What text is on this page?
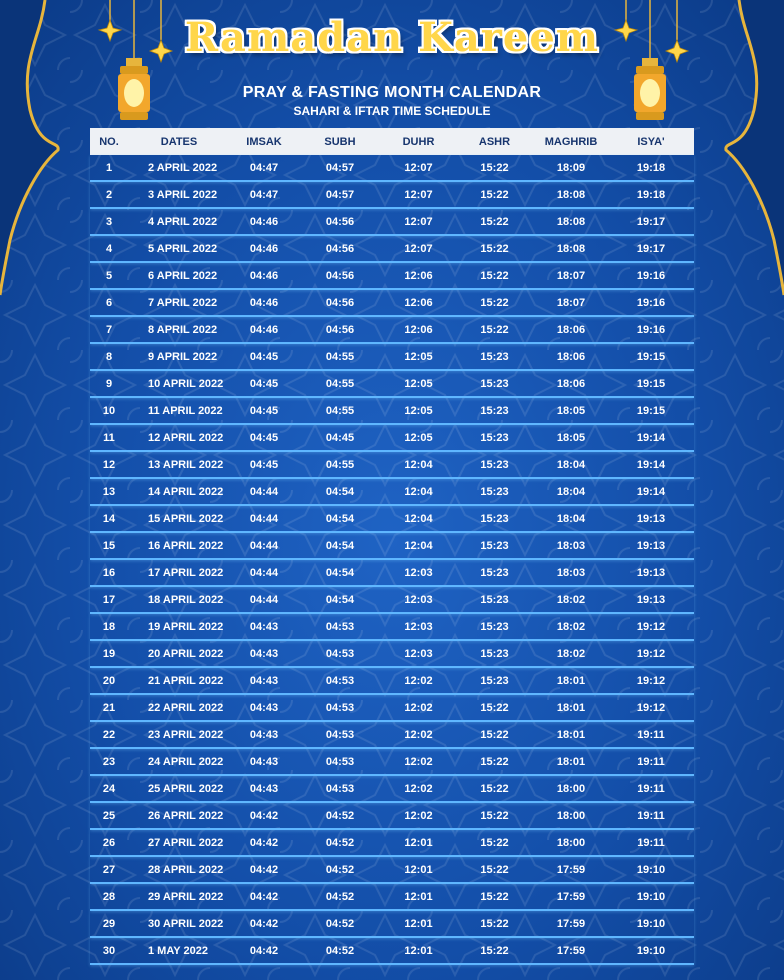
Ramadan Kareem
PRAY & FASTING MONTH CALENDAR
SAHARI & IFTAR TIME SCHEDULE
NO.	DATES	IMSAK	SUBH	DUHR	ASHR	MAGHRIB	ISYA'
1	2 APRIL 2022	04:47	04:57	12:07	15:22	18:09	19:18
2	3 APRIL 2022	04:47	04:57	12:07	15:22	18:08	19:18
3	4 APRIL 2022	04:46	04:56	12:07	15:22	18:08	19:17
4	5 APRIL 2022	04:46	04:56	12:07	15:22	18:08	19:17
5	6 APRIL 2022	04:46	04:56	12:06	15:22	18:07	19:16
6	7 APRIL 2022	04:46	04:56	12:06	15:22	18:07	19:16
7	8 APRIL 2022	04:46	04:56	12:06	15:22	18:06	19:16
8	9 APRIL 2022	04:45	04:55	12:05	15:23	18:06	19:15
9	10 APRIL 2022	04:45	04:55	12:05	15:23	18:06	19:15
10	11 APRIL 2022	04:45	04:55	12:05	15:23	18:05	19:15
11	12 APRIL 2022	04:45	04:45	12:05	15:23	18:05	19:14
12	13 APRIL 2022	04:45	04:55	12:04	15:23	18:04	19:14
13	14 APRIL 2022	04:44	04:54	12:04	15:23	18:04	19:14
14	15 APRIL 2022	04:44	04:54	12:04	15:23	18:04	19:13
15	16 APRIL 2022	04:44	04:54	12:04	15:23	18:03	19:13
16	17 APRIL 2022	04:44	04:54	12:03	15:23	18:03	19:13
17	18 APRIL 2022	04:44	04:54	12:03	15:23	18:02	19:13
18	19 APRIL 2022	04:43	04:53	12:03	15:23	18:02	19:12
19	20 APRIL 2022	04:43	04:53	12:03	15:23	18:02	19:12
20	21 APRIL 2022	04:43	04:53	12:02	15:23	18:01	19:12
21	22 APRIL 2022	04:43	04:53	12:02	15:22	18:01	19:12
22	23 APRIL 2022	04:43	04:53	12:02	15:22	18:01	19:11
23	24 APRIL 2022	04:43	04:53	12:02	15:22	18:01	19:11
24	25 APRIL 2022	04:43	04:53	12:02	15:22	18:00	19:11
25	26 APRIL 2022	04:42	04:52	12:02	15:22	18:00	19:11
26	27 APRIL 2022	04:42	04:52	12:01	15:22	18:00	19:11
27	28 APRIL 2022	04:42	04:52	12:01	15:22	17:59	19:10
28	29 APRIL 2022	04:42	04:52	12:01	15:22	17:59	19:10
29	30 APRIL 2022	04:42	04:52	12:01	15:22	17:59	19:10
30	1 MAY 2022	04:42	04:52	12:01	15:22	17:59	19:10
